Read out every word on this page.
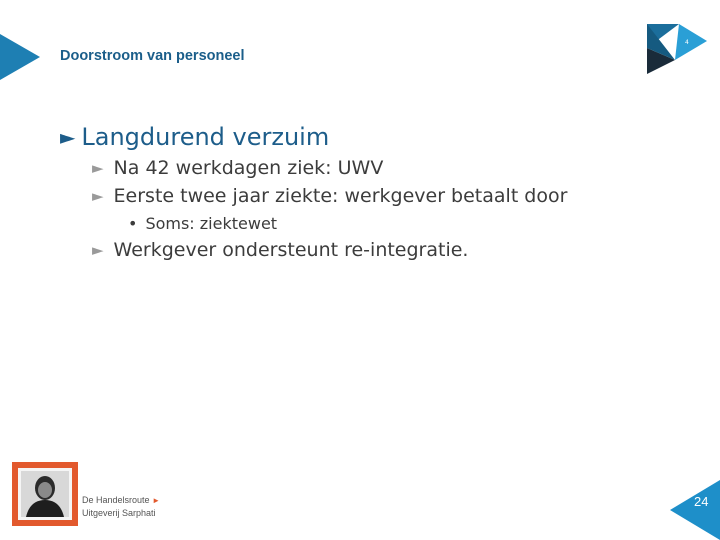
Doorstroom van personeel
R	4
► Langdurend verzuim
► Na 42 werkdagen ziek: UWV
► Eerste twee jaar ziekte: werkgever betaalt door
• Soms: ziektewet
► Werkgever ondersteunt re-integratie.
De Handelsroute ►
Uitgeverij Sarphati
24
